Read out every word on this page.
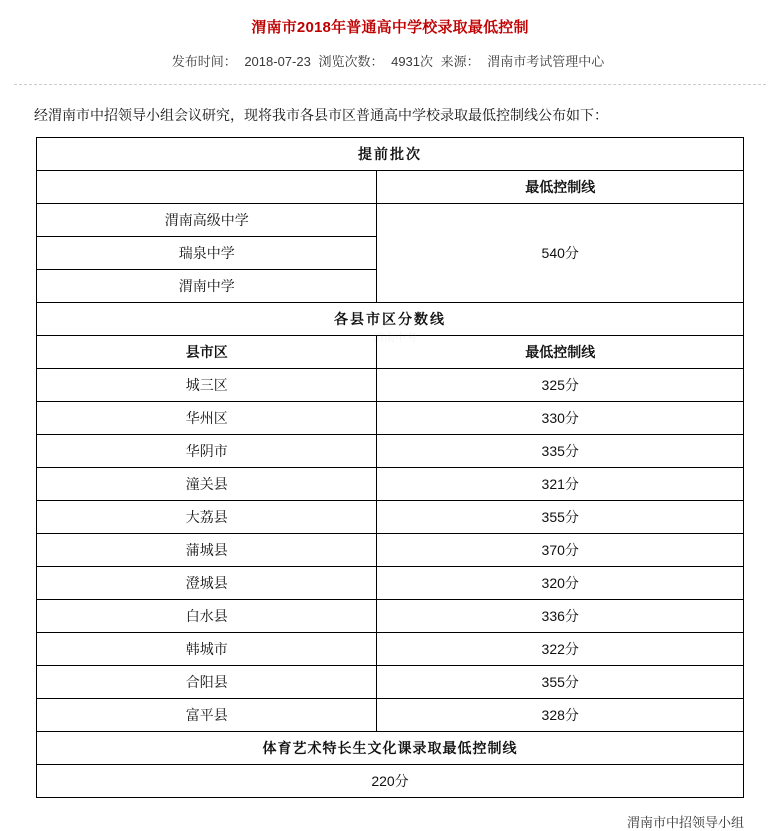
渭南市2018年普通高中学校录取最低控制
发布时间： 2018-07-23 浏览次数： 4931次 来源： 渭南市考试管理中心
经渭南市中招领导小组会议研究，现将我市各县市区普通高中学校录取最低控制线公布如下：
提前批次	
	最低控制线
渭南高级中学	540分
瑞泉中学	
渭南中学	
各县市区分数线	
县市区	最低控制线
城三区	325分
华州区	330分
华阴市	335分
潼关县	321分
大荔县	355分
蒲城县	370分
澄城县	320分
白水县	336分
韩城市	322分
合阳县	355分
富平县	328分
体育艺术特长生文化课录取最低控制线	
220分	
渭南市中招领导小组
渭南中考
